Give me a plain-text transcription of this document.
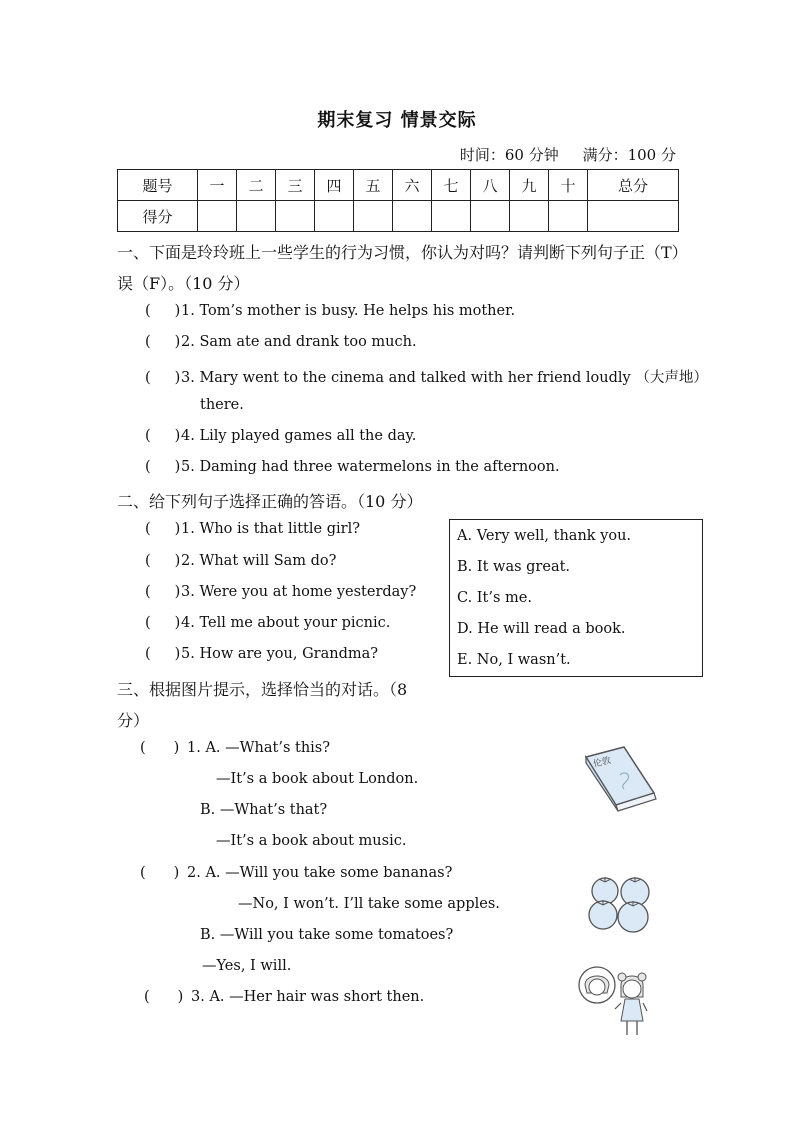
期末复习 情景交际
时间：60 分钟 满分：100 分
题号	一	二	三	四	五	六	七	八	九	十	总分
得分											
一、下面是玲玲班上一些学生的行为习惯，你认为对吗？请判断下列句子正（T）
误（F）。（10 分）
( )1. Tom’s mother is busy. He helps his mother.
( )2. Sam ate and drank too much.
( )3. Mary went to the cinema and talked with her friend loudly （大声地）
there.
( )4. Lily played games all the day.
( )5. Daming had three watermelons in the afternoon.
二、给下列句子选择正确的答语。（10 分）
( )1. Who is that little girl?
( )2. What will Sam do?
( )3. Were you at home yesterday?
( )4. Tell me about your picnic.
( )5. How are you, Grandma?
A. Very well, thank you.
B. It was great.
C. It’s me.
D. He will read a book.
E. No, I wasn’t.
三、根据图片提示，选择恰当的对话。（8
分）
( ) 1. A. —What’s this?
—It’s a book about London.
B. —What’s that?
—It’s a book about music.
( ) 2. A. —Will you take some bananas?
—No, I won’t. I’ll take some apples.
B. —Will you take some tomatoes?
—Yes, I will.
( ) 3. A. —Her hair was short then.
伦敦
